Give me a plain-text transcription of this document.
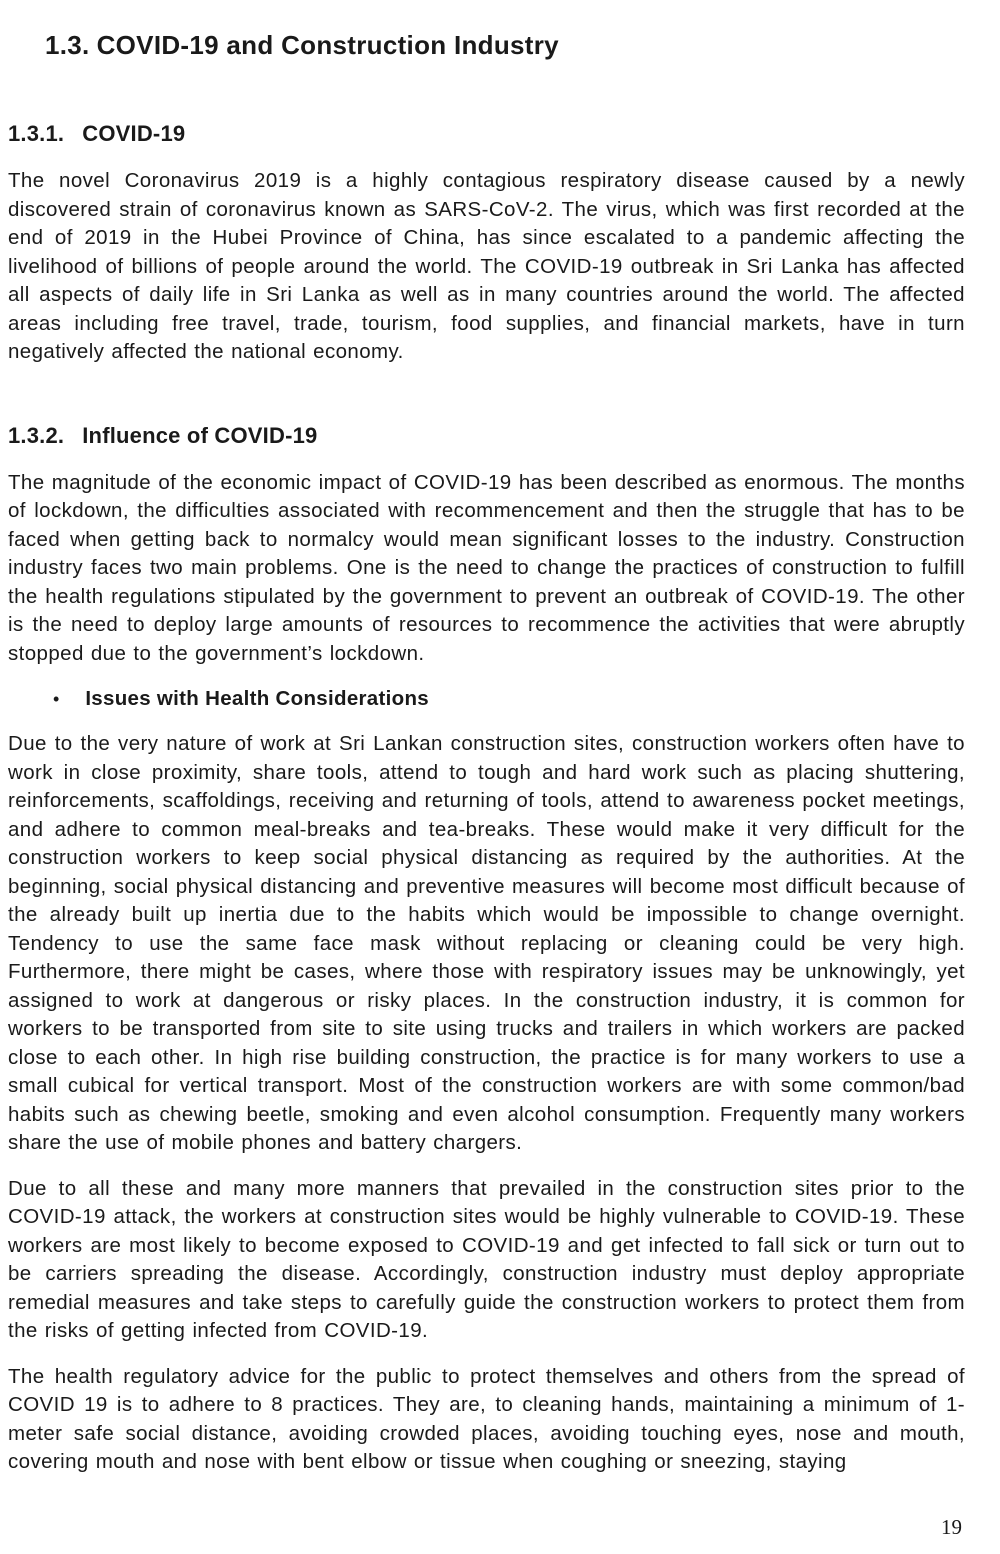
1.3. COVID-19 and Construction Industry
1.3.1. COVID-19

The novel Coronavirus 2019 is a highly contagious respiratory disease caused by a newly discovered strain of coronavirus known as SARS-CoV-2. The virus, which was first recorded at the end of 2019 in the Hubei Province of China, has since escalated to a pandemic affecting the livelihood of billions of people around the world. The COVID-19 outbreak in Sri Lanka has affected all aspects of daily life in Sri Lanka as well as in many countries around the world. The affected areas including free travel, trade, tourism, food supplies, and financial markets, have in turn negatively affected the national economy.

1.3.2. Influence of COVID-19

The magnitude of the economic impact of COVID-19 has been described as enormous. The months of lockdown, the difficulties associated with recommencement and then the struggle that has to be faced when getting back to normalcy would mean significant losses to the industry. Construction industry faces two main problems. One is the need to change the practices of construction to fulfill the health regulations stipulated by the government to prevent an outbreak of COVID-19. The other is the need to deploy large amounts of resources to recommence the activities that were abruptly stopped due to the government’s lockdown.

• Issues with Health Considerations

Due to the very nature of work at Sri Lankan construction sites, construction workers often have to work in close proximity, share tools, attend to tough and hard work such as placing shuttering, reinforcements, scaffoldings, receiving and returning of tools, attend to awareness pocket meetings, and adhere to common meal-breaks and tea-breaks. These would make it very difficult for the construction workers to keep social physical distancing as required by the authorities. At the beginning, social physical distancing and preventive measures will become most difficult because of the already built up inertia due to the habits which would be impossible to change overnight. Tendency to use the same face mask without replacing or cleaning could be very high. Furthermore, there might be cases, where those with respiratory issues may be unknowingly, yet assigned to work at dangerous or risky places. In the construction industry, it is common for workers to be transported from site to site using trucks and trailers in which workers are packed close to each other. In high rise building construction, the practice is for many workers to use a small cubical for vertical transport. Most of the construction workers are with some common/bad habits such as chewing beetle, smoking and even alcohol consumption. Frequently many workers share the use of mobile phones and battery chargers.

Due to all these and many more manners that prevailed in the construction sites prior to the COVID-19 attack, the workers at construction sites would be highly vulnerable to COVID-19. These workers are most likely to become exposed to COVID-19 and get infected to fall sick or turn out to be carriers spreading the disease. Accordingly, construction industry must deploy appropriate remedial measures and take steps to carefully guide the construction workers to protect them from the risks of getting infected from COVID-19.

The health regulatory advice for the public to protect themselves and others from the spread of COVID 19 is to adhere to 8 practices. They are, to cleaning hands, maintaining a minimum of 1-meter safe social distance, avoiding crowded places, avoiding touching eyes, nose and mouth, covering mouth and nose with bent elbow or tissue when coughing or sneezing, staying

19
